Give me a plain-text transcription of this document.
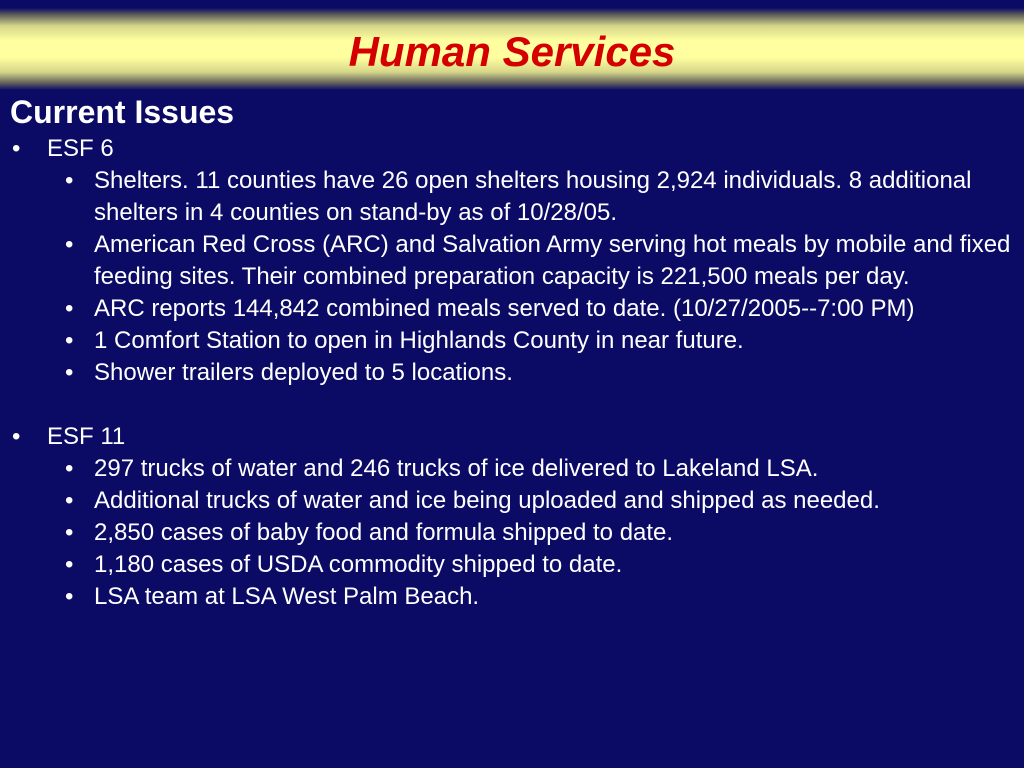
Human Services
Current Issues
• ESF 6
• Shelters. 11 counties have 26 open shelters housing 2,924 individuals. 8 additional shelters in 4 counties on stand-by as of 10/28/05.
• American Red Cross (ARC) and Salvation Army serving hot meals by mobile and fixed feeding sites. Their combined preparation capacity is 221,500 meals per day.
• ARC reports 144,842 combined meals served to date. (10/27/2005--7:00 PM)
• 1 Comfort Station to open in Highlands County in near future.
• Shower trailers deployed to 5 locations.
• ESF 11
• 297 trucks of water and 246 trucks of ice delivered to Lakeland LSA.
• Additional trucks of water and ice being uploaded and shipped as needed.
• 2,850 cases of baby food and formula shipped to date.
• 1,180 cases of USDA commodity shipped to date.
• LSA team at LSA West Palm Beach.
